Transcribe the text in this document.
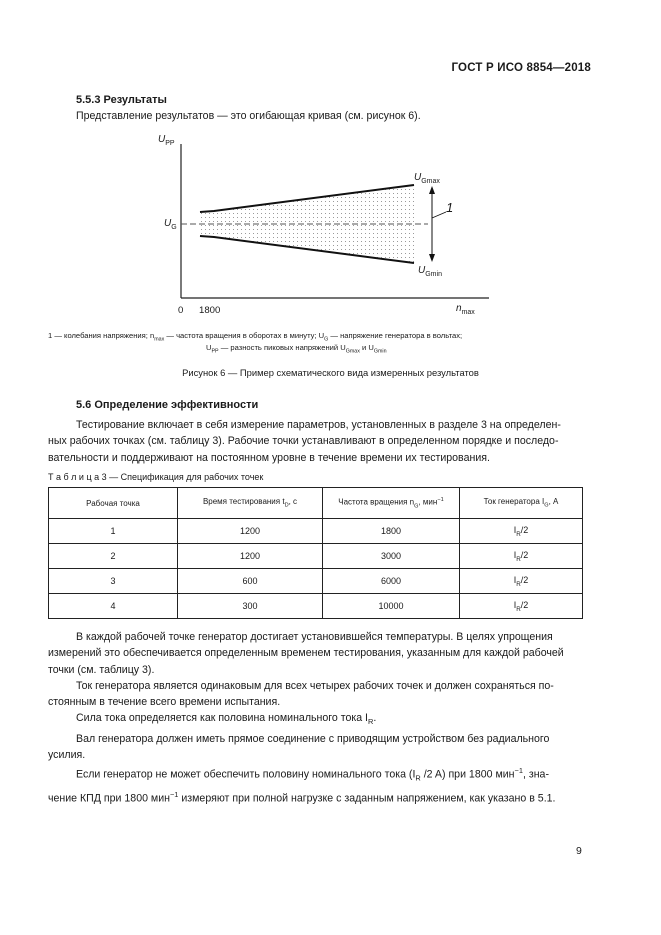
ГОСТ Р ИСО 8854—2018
5.5.3 Результаты
Представление результатов — это огибающая кривая (см. рисунок 6).
$U_{PP}$
$U_G$
$U_{Gmax}$
$U_{Gmin}$
1
0 1800	$n_{max}$
1 — колебания напряжения; $n_{max}$ — частота вращения в оборотах в минуту; $U_G$ — напряжение генератора в вольтах;
$U_{PP}$ — разность пиковых напряжений $U_{Gmax}$ и $U_{Gmin}$
Рисунок 6 — Пример схематического вида измеренных результатов
5.6 Определение эффективности
Тестирование включает в себя измерение параметров, установленных в разделе 3 на определен-
ных рабочих точках (см. таблицу 3). Рабочие точки устанавливают в определенном порядке и последо-
вательности и поддерживают на постоянном уровне в течение времени их тестирования.
Т а б л и ц а 3 — Спецификация для рабочих точек
Рабочая точка	Время тестирования $t_D$, с	Частота вращения $n_G$, мин$^{-1}$	Ток генератора $I_G$, А
1	1200	1800	$I_R/2$
2	1200	3000	$I_R/2$
3	600	6000	$I_R/2$
4	300	10000	$I_R/2$
В каждой рабочей точке генератор достигает установившейся температуры. В целях упрощения
измерений это обеспечивается определенным временем тестирования, указанным для каждой рабочей
точки (см. таблицу 3).
Ток генератора является одинаковым для всех четырех рабочих точек и должен сохраняться по-
стоянным в течение всего времени испытания.
Сила тока определяется как половина номинального тока $I_R$.
Вал генератора должен иметь прямое соединение с приводящим устройством без радиального
усилия.
Если генератор не может обеспечить половину номинального тока ($I_R$ /2 A) при 1800 мин$^{-1}$, зна-
чение КПД при 1800 мин$^{-1}$ измеряют при полной нагрузке с заданным напряжением, как указано в 5.1.
9
